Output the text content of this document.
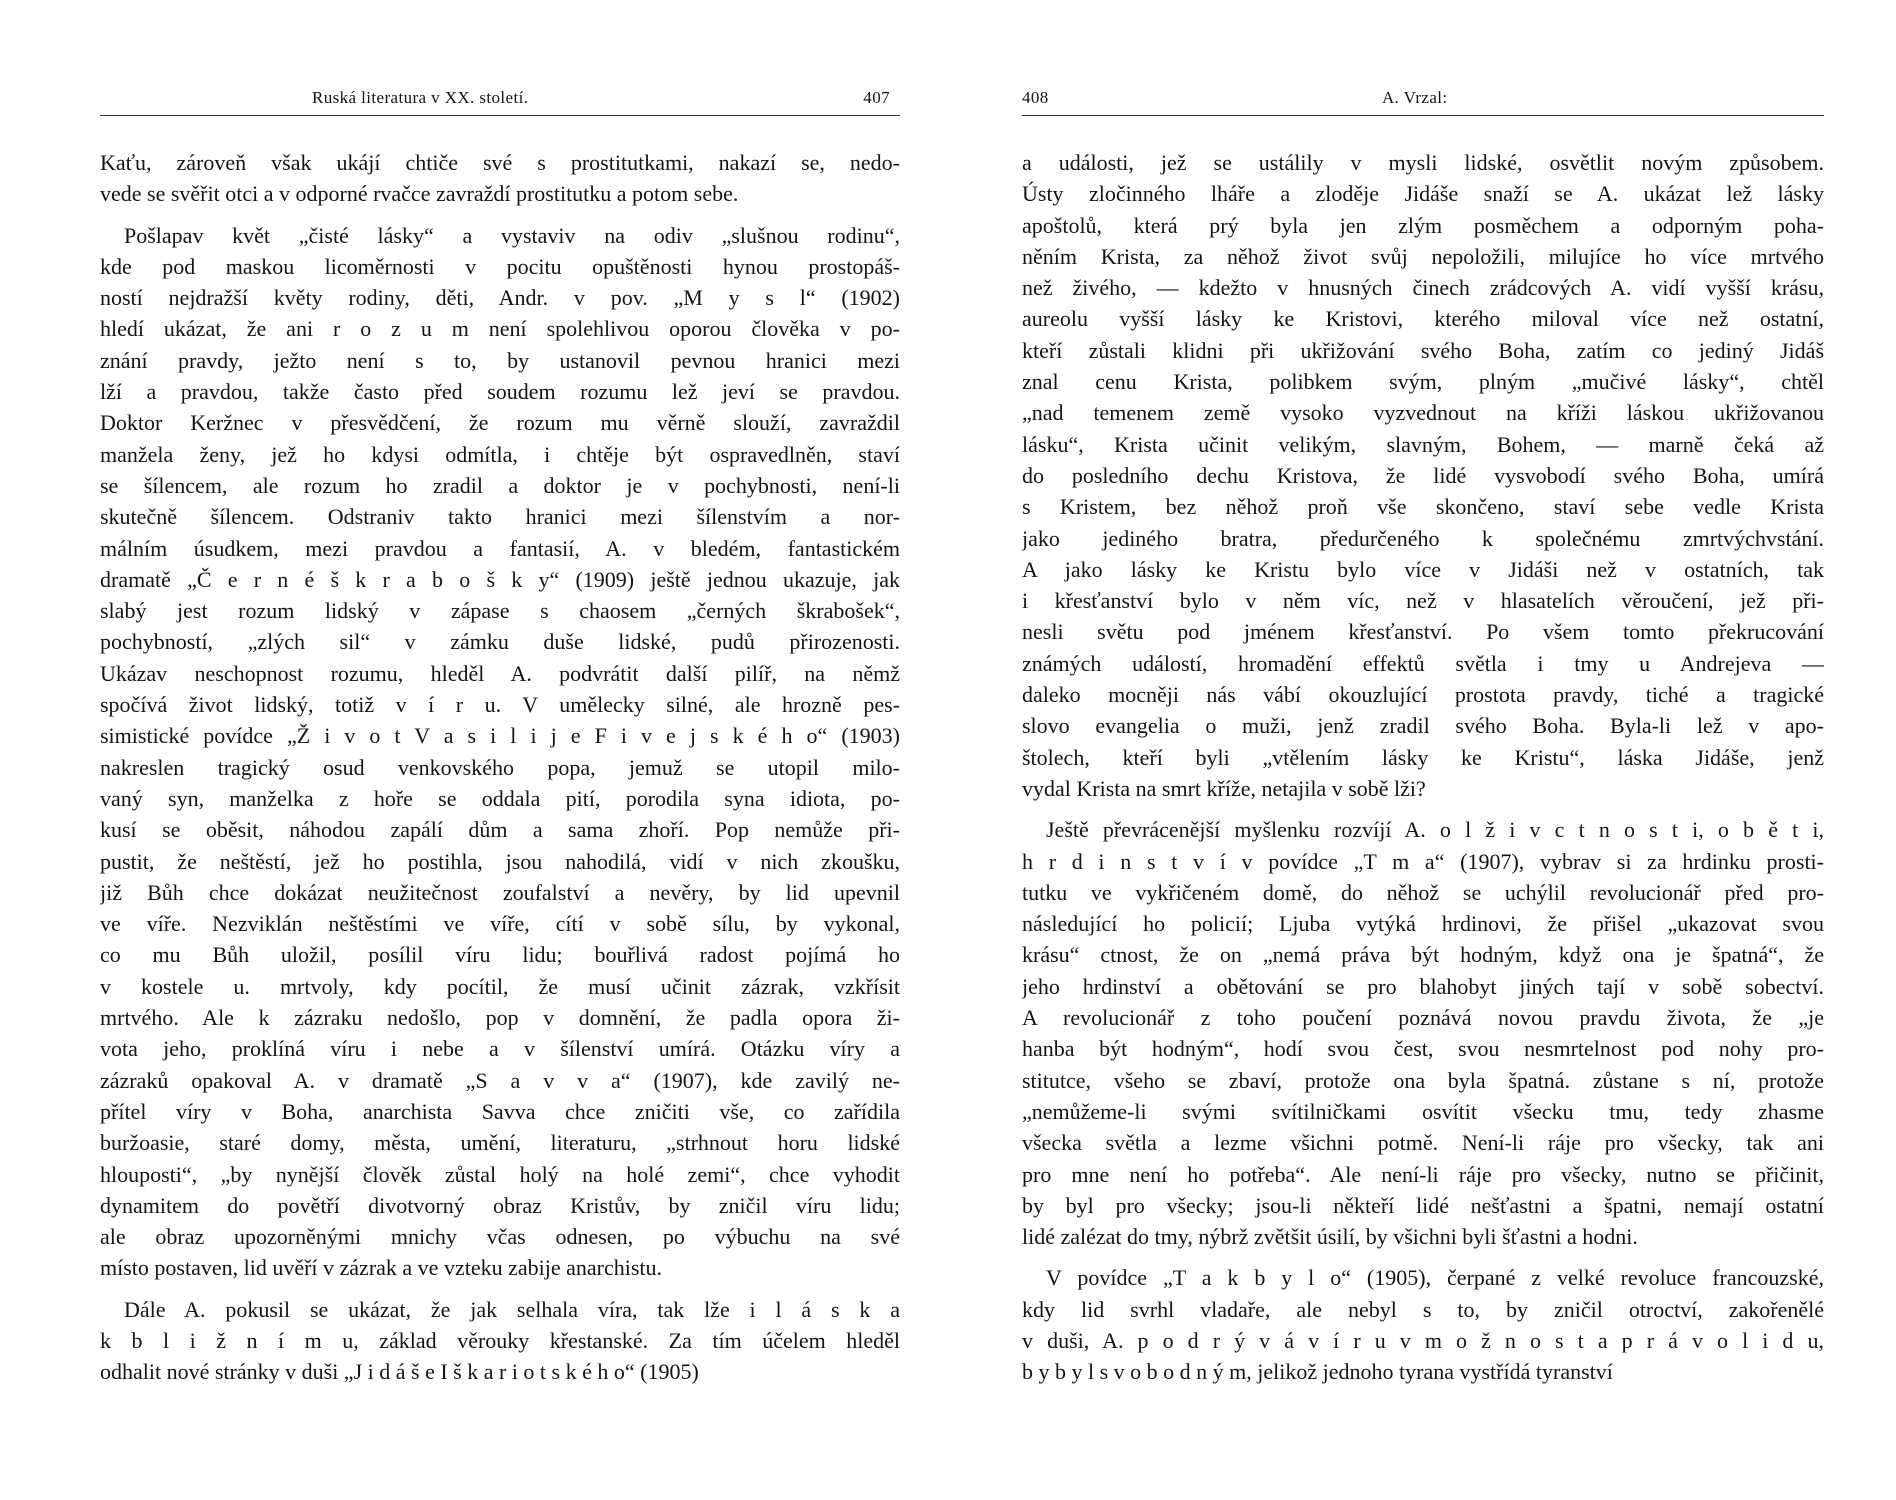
Ruská literatura v XX. století.	407
Kaťu, zároveň však ukájí chtiče své s prostitutkami, nakazí se, nedo-
vede se svěřit otci a v odporné rvačce zavraždí prostitutku a potom sebe.
Pošlapav květ „čisté lásky“ a vystaviv na odiv „slušnou rodinu“,
kde pod maskou licoměrnosti v pocitu opuštěnosti hynou prostopáš-
ností nejdražší květy rodiny, děti, Andr. v pov. „M y s l“ (1902)
hledí ukázat, že ani r o z u m není spolehlivou oporou člověka v po-
znání pravdy, ježto není s to, by ustanovil pevnou hranici mezi
lží a pravdou, takže často před soudem rozumu lež jeví se pravdou.
Doktor Keržnec v přesvědčení, že rozum mu věrně slouží, zavraždil
manžela ženy, jež ho kdysi odmítla, i chtěje být ospravedlněn, staví
se šílencem, ale rozum ho zradil a doktor je v pochybnosti, není-li
skutečně šílencem. Odstraniv takto hranici mezi šílenstvím a nor-
málním úsudkem, mezi pravdou a fantasií, A. v bledém, fantastickém
dramatě „Č e r n é š k r a b o š k y“ (1909) ještě jednou ukazuje, jak
slabý jest rozum lidský v zápase s chaosem „černých škrabošek“,
pochybností, „zlých sil“ v zámku duše lidské, pudů přirozenosti.
Ukázav neschopnost rozumu, hleděl A. podvrátit další pilíř, na němž
spočívá život lidský, totiž v í r u. V umělecky silné, ale hrozně pes-
simistické povídce „Ž i v o t V a s i l i j e F i v e j s k é h o“ (1903)
nakreslen tragický osud venkovského popa, jemuž se utopil milo-
vaný syn, manželka z hoře se oddala pití, porodila syna idiota, po-
kusí se oběsit, náhodou zapálí dům a sama zhoří. Pop nemůže při-
pustit, že neštěstí, jež ho postihla, jsou nahodilá, vidí v nich zkoušku,
již Bůh chce dokázat neužitečnost zoufalství a nevěry, by lid upevnil
ve víře. Nezviklán neštěstími ve víře, cítí v sobě sílu, by vykonal,
co mu Bůh uložil, posílil víru lidu; bouřlivá radost pojímá ho
v kostele u. mrtvoly, kdy pocítil, že musí učinit zázrak, vzkřísit
mrtvého. Ale k zázraku nedošlo, pop v domnění, že padla opora ži-
vota jeho, proklíná víru i nebe a v šílenství umírá. Otázku víry a
zázraků opakoval A. v dramatě „S a v v a“ (1907), kde zavilý ne-
přítel víry v Boha, anarchista Savva chce zničiti vše, co zařídila
buržoasie, staré domy, města, umění, literaturu, „strhnout horu lidské
hlouposti“, „by nynější člověk zůstal holý na holé zemi“, chce vyhodit
dynamitem do povětří divotvorný obraz Kristův, by zničil víru lidu;
ale obraz upozorněnými mnichy včas odnesen, po výbuchu na své
místo postaven, lid uvěří v zázrak a ve vzteku zabije anarchistu.
Dále A. pokusil se ukázat, že jak selhala víra, tak lže i l á s k a
k b l i ž n í m u, základ věrouky křestanské. Za tím účelem hleděl
odhalit nové stránky v duši „J i d á š e I š k a r i o t s k é h o“ (1905)
408	A. Vrzal:
a události, jež se ustálily v mysli lidské, osvětlit novým způsobem.
Ústy zločinného lháře a zloděje Jidáše snaží se A. ukázat lež lásky
apoštolů, která prý byla jen zlým posměchem a odporným poha-
něním Krista, za něhož život svůj nepoložili, milujíce ho více mrtvého
než živého, — kdežto v hnusných činech zrádcových A. vidí vyšší krásu,
aureolu vyšší lásky ke Kristovi, kterého miloval více než ostatní,
kteří zůstali klidni při ukřižování svého Boha, zatím co jediný Jidáš
znal cenu Krista, polibkem svým, plným „mučivé lásky“, chtěl
„nad temenem země vysoko vyzvednout na kříži láskou ukřižovanou
lásku“, Krista učinit velikým, slavným, Bohem, — marně čeká až
do posledního dechu Kristova, že lidé vysvobodí svého Boha, umírá
s Kristem, bez něhož proň vše skončeno, staví sebe vedle Krista
jako jediného bratra, předurčeného k společnému zmrtvýchvstání.
A jako lásky ke Kristu bylo více v Jidáši než v ostatních, tak
i křesťanství bylo v něm víc, než v hlasatelích věroučení, jež při-
nesli světu pod jménem křesťanství. Po všem tomto překrucování
známých událostí, hromadění effektů světla i tmy u Andrejeva —
daleko mocněji nás vábí okouzlující prostota pravdy, tiché a tragické
slovo evangelia o muži, jenž zradil svého Boha. Byla-li lež v apo-
štolech, kteří byli „vtělením lásky ke Kristu“, láska Jidáše, jenž
vydal Krista na smrt kříže, netajila v sobě lži?
Ještě převrácenější myšlenku rozvíjí A. o l ž i v c t n o s t i, o b ě t i,
h r d i n s t v í v povídce „T m a“ (1907), vybrav si za hrdinku prosti-
tutku ve vykřičeném domě, do něhož se uchýlil revolucionář před pro-
následující ho policií; Ljuba vytýká hrdinovi, že přišel „ukazovat svou
krásu“ ctnost, že on „nemá práva být hodným, když ona je špatná“, že
jeho hrdinství a obětování se pro blahobyt jiných tají v sobě sobectví.
A revolucionář z toho poučení poznává novou pravdu života, že „je
hanba být hodným“, hodí svou čest, svou nesmrtelnost pod nohy pro-
stitutce, všeho se zbaví, protože ona byla špatná. zůstane s ní, protože
„nemůžeme-li svými svítilničkami osvítit všecku tmu, tedy zhasme
všecka světla a lezme všichni potmě. Není-li ráje pro všecky, tak ani
pro mne není ho potřeba“. Ale není-li ráje pro všecky, nutno se přičinit,
by byl pro všecky; jsou-li někteří lidé nešťastni a špatni, nemají ostatní
lidé zalézat do tmy, nýbrž zvětšit úsilí, by všichni byli šťastni a hodni.
V povídce „T a k b y l o“ (1905), čerpané z velké revoluce francouzské,
kdy lid svrhl vladaře, ale nebyl s to, by zničil otroctví, zakořenělé
v duši, A. p o d r ý v á v í r u v m o ž n o s t a p r á v o l i d u,
b y b y l s v o b o d n ý m, jelikož jednoho tyrana vystřídá tyranství
